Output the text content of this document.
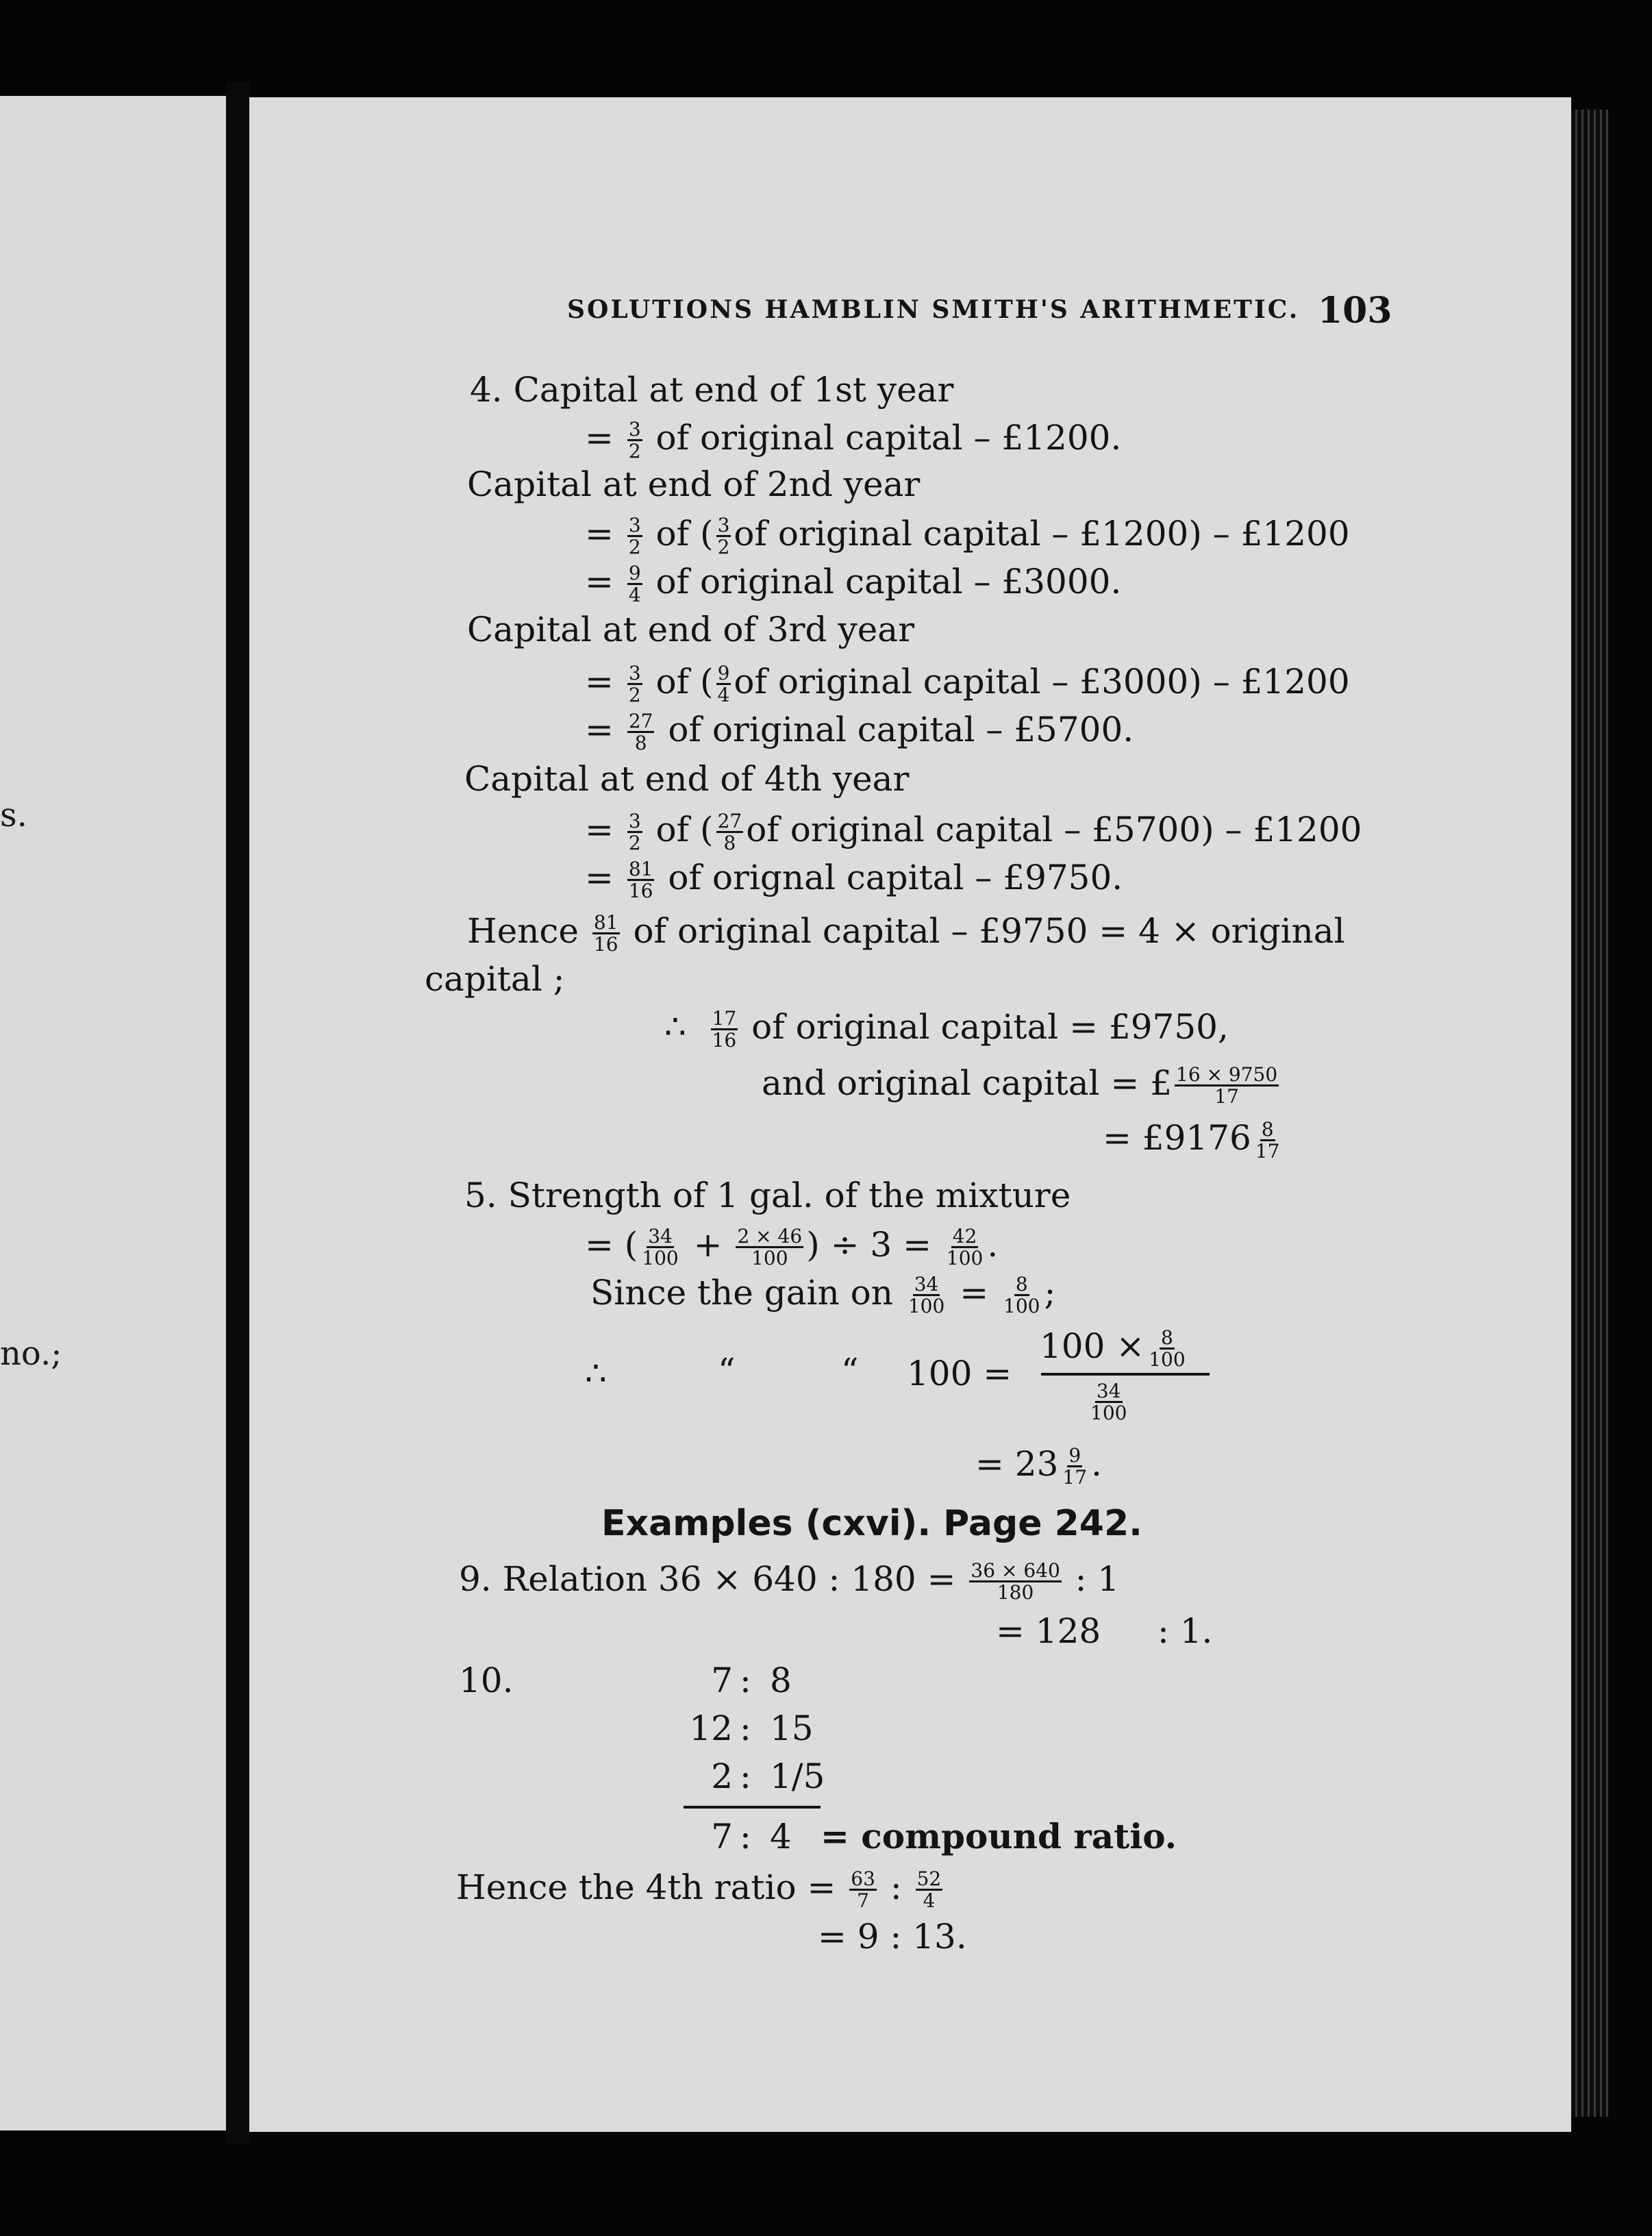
s.
no.;
SOLUTIONS HAMBLIN SMITH'S ARITHMETIC. 103
4. Capital at end of 1st year
= $\frac{3}{2}$ of original capital – £1200.
Capital at end of 2nd year
= $\frac{3}{2}$ of ( $\frac{3}{2}$ of original capital – £1200) – £1200
= $\frac{9}{4}$ of original capital – £3000.
Capital at end of 3rd year
= $\frac{3}{2}$ of ( $\frac{9}{4}$ of original capital – £3000) – £1200
= $\frac{27}{8}$ of original capital – £5700.
Capital at end of 4th year
= $\frac{3}{2}$ of ( $\frac{27}{8}$ of original capital – £5700) – £1200
= $\frac{81}{16}$ of orignal capital – £9750.
Hence $\frac{81}{16}$ of original capital – £9750 = 4 × original
capital ;
∴ $\frac{17}{16}$ of original capital = £9750,
and original capital = £ $\frac{16 \times 9750}{17}$
= £9176 $\frac{8}{17}$
5. Strength of 1 gal. of the mixture
= ( $\frac{34}{100} + \frac{2 \times 46}{100}$ ) ÷ $3 = \frac{42}{100}$ .
Since the gain on $\frac{34}{100} = \frac{8}{100}$ ;
∴	“	“ 100 =
$100 \times \frac{8}{100}$
$\frac{34}{100}$
= $23 \frac{9}{17}$ .
Examples (cxvi). Page 242.
9. Relation 36 × 640 : $180 = \frac{36 \times 640}{180}$ : 1
= 128 : 1.
10.	7 : 8
12 : 15
2 : 1/5
7 : 4 = compound ratio.
Hence the 4th ratio = $\frac{63}{7}$ : $\frac{52}{4}$
= 9 : 13.
